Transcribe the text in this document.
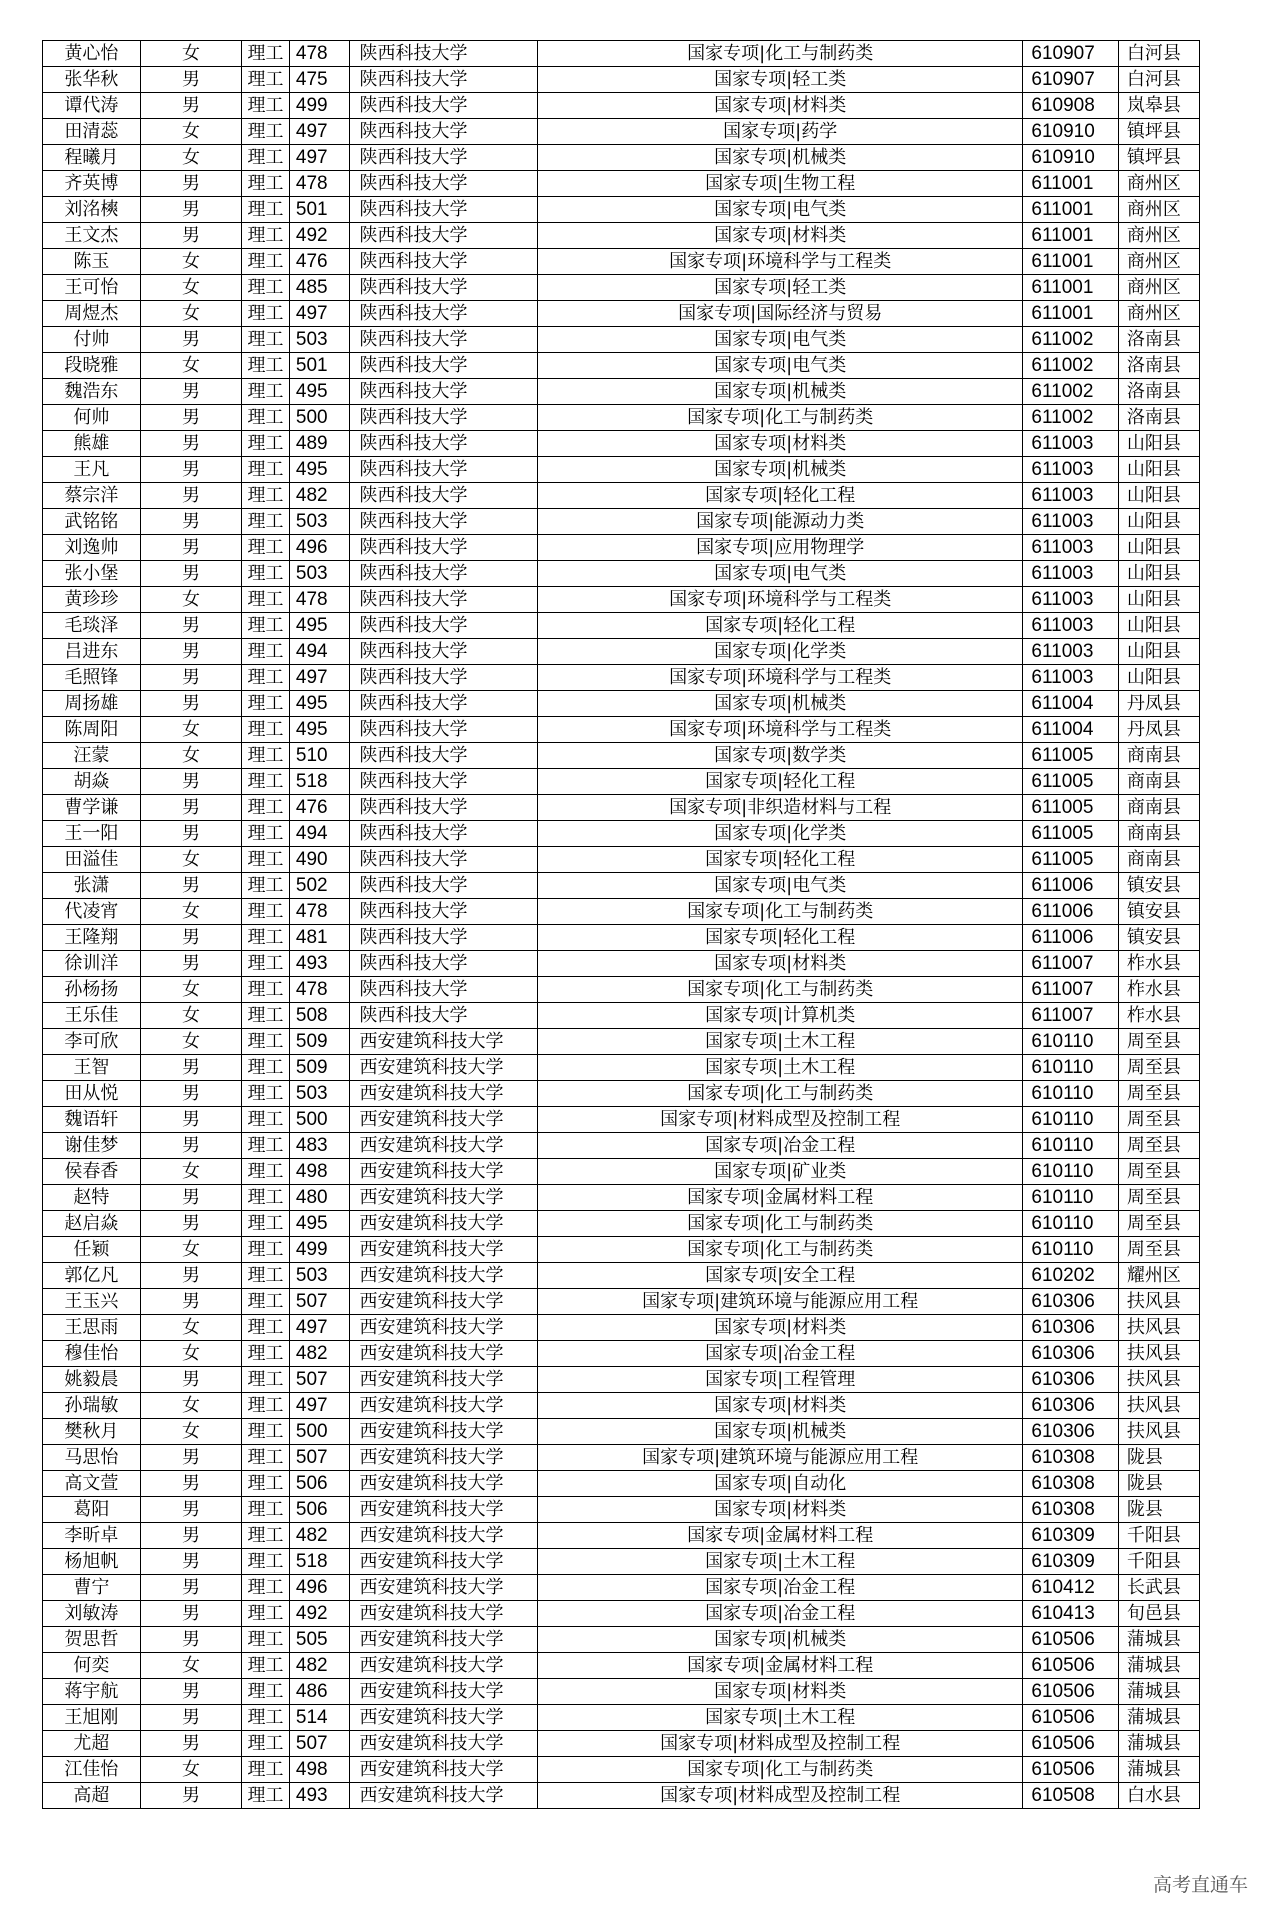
黄心怡	女	理工	478	陕西科技大学	国家专项|化工与制药类	610907	白河县
张华秋	男	理工	475	陕西科技大学	国家专项|轻工类	610907	白河县
谭代涛	男	理工	499	陕西科技大学	国家专项|材料类	610908	岚皋县
田清蕊	女	理工	497	陕西科技大学	国家专项|药学	610910	镇坪县
程曦月	女	理工	497	陕西科技大学	国家专项|机械类	610910	镇坪县
齐英博	男	理工	478	陕西科技大学	国家专项|生物工程	611001	商州区
刘洺樉	男	理工	501	陕西科技大学	国家专项|电气类	611001	商州区
王文杰	男	理工	492	陕西科技大学	国家专项|材料类	611001	商州区
陈玉	女	理工	476	陕西科技大学	国家专项|环境科学与工程类	611001	商州区
王可怡	女	理工	485	陕西科技大学	国家专项|轻工类	611001	商州区
周煜杰	女	理工	497	陕西科技大学	国家专项|国际经济与贸易	611001	商州区
付帅	男	理工	503	陕西科技大学	国家专项|电气类	611002	洛南县
段晓雅	女	理工	501	陕西科技大学	国家专项|电气类	611002	洛南县
魏浩东	男	理工	495	陕西科技大学	国家专项|机械类	611002	洛南县
何帅	男	理工	500	陕西科技大学	国家专项|化工与制药类	611002	洛南县
熊雄	男	理工	489	陕西科技大学	国家专项|材料类	611003	山阳县
王凡	男	理工	495	陕西科技大学	国家专项|机械类	611003	山阳县
蔡宗洋	男	理工	482	陕西科技大学	国家专项|轻化工程	611003	山阳县
武铭铭	男	理工	503	陕西科技大学	国家专项|能源动力类	611003	山阳县
刘逸帅	男	理工	496	陕西科技大学	国家专项|应用物理学	611003	山阳县
张小堡	男	理工	503	陕西科技大学	国家专项|电气类	611003	山阳县
黄珍珍	女	理工	478	陕西科技大学	国家专项|环境科学与工程类	611003	山阳县
毛琰泽	男	理工	495	陕西科技大学	国家专项|轻化工程	611003	山阳县
吕进东	男	理工	494	陕西科技大学	国家专项|化学类	611003	山阳县
毛照锋	男	理工	497	陕西科技大学	国家专项|环境科学与工程类	611003	山阳县
周扬雄	男	理工	495	陕西科技大学	国家专项|机械类	611004	丹凤县
陈周阳	女	理工	495	陕西科技大学	国家专项|环境科学与工程类	611004	丹凤县
汪蒙	女	理工	510	陕西科技大学	国家专项|数学类	611005	商南县
胡焱	男	理工	518	陕西科技大学	国家专项|轻化工程	611005	商南县
曹学谦	男	理工	476	陕西科技大学	国家专项|非织造材料与工程	611005	商南县
王一阳	男	理工	494	陕西科技大学	国家专项|化学类	611005	商南县
田溢佳	女	理工	490	陕西科技大学	国家专项|轻化工程	611005	商南县
张潇	男	理工	502	陕西科技大学	国家专项|电气类	611006	镇安县
代凌宵	女	理工	478	陕西科技大学	国家专项|化工与制药类	611006	镇安县
王隆翔	男	理工	481	陕西科技大学	国家专项|轻化工程	611006	镇安县
徐训洋	男	理工	493	陕西科技大学	国家专项|材料类	611007	柞水县
孙杨扬	女	理工	478	陕西科技大学	国家专项|化工与制药类	611007	柞水县
王乐佳	女	理工	508	陕西科技大学	国家专项|计算机类	611007	柞水县
李可欣	女	理工	509	西安建筑科技大学	国家专项|土木工程	610110	周至县
王智	男	理工	509	西安建筑科技大学	国家专项|土木工程	610110	周至县
田从悦	男	理工	503	西安建筑科技大学	国家专项|化工与制药类	610110	周至县
魏语轩	男	理工	500	西安建筑科技大学	国家专项|材料成型及控制工程	610110	周至县
谢佳梦	男	理工	483	西安建筑科技大学	国家专项|冶金工程	610110	周至县
侯春香	女	理工	498	西安建筑科技大学	国家专项|矿业类	610110	周至县
赵特	男	理工	480	西安建筑科技大学	国家专项|金属材料工程	610110	周至县
赵启焱	男	理工	495	西安建筑科技大学	国家专项|化工与制药类	610110	周至县
任颖	女	理工	499	西安建筑科技大学	国家专项|化工与制药类	610110	周至县
郭亿凡	男	理工	503	西安建筑科技大学	国家专项|安全工程	610202	耀州区
王玉兴	男	理工	507	西安建筑科技大学	国家专项|建筑环境与能源应用工程	610306	扶风县
王思雨	女	理工	497	西安建筑科技大学	国家专项|材料类	610306	扶风县
穆佳怡	女	理工	482	西安建筑科技大学	国家专项|冶金工程	610306	扶风县
姚毅晨	男	理工	507	西安建筑科技大学	国家专项|工程管理	610306	扶风县
孙瑞敏	女	理工	497	西安建筑科技大学	国家专项|材料类	610306	扶风县
樊秋月	女	理工	500	西安建筑科技大学	国家专项|机械类	610306	扶风县
马思怡	男	理工	507	西安建筑科技大学	国家专项|建筑环境与能源应用工程	610308	陇县
高文萱	男	理工	506	西安建筑科技大学	国家专项|自动化	610308	陇县
葛阳	男	理工	506	西安建筑科技大学	国家专项|材料类	610308	陇县
李昕卓	男	理工	482	西安建筑科技大学	国家专项|金属材料工程	610309	千阳县
杨旭帆	男	理工	518	西安建筑科技大学	国家专项|土木工程	610309	千阳县
曹宁	男	理工	496	西安建筑科技大学	国家专项|冶金工程	610412	长武县
刘敏涛	男	理工	492	西安建筑科技大学	国家专项|冶金工程	610413	旬邑县
贺思哲	男	理工	505	西安建筑科技大学	国家专项|机械类	610506	蒲城县
何奕	女	理工	482	西安建筑科技大学	国家专项|金属材料工程	610506	蒲城县
蒋宇航	男	理工	486	西安建筑科技大学	国家专项|材料类	610506	蒲城县
王旭刚	男	理工	514	西安建筑科技大学	国家专项|土木工程	610506	蒲城县
尤超	男	理工	507	西安建筑科技大学	国家专项|材料成型及控制工程	610506	蒲城县
江佳怡	女	理工	498	西安建筑科技大学	国家专项|化工与制药类	610506	蒲城县
高超	男	理工	493	西安建筑科技大学	国家专项|材料成型及控制工程	610508	白水县
高考直通车
